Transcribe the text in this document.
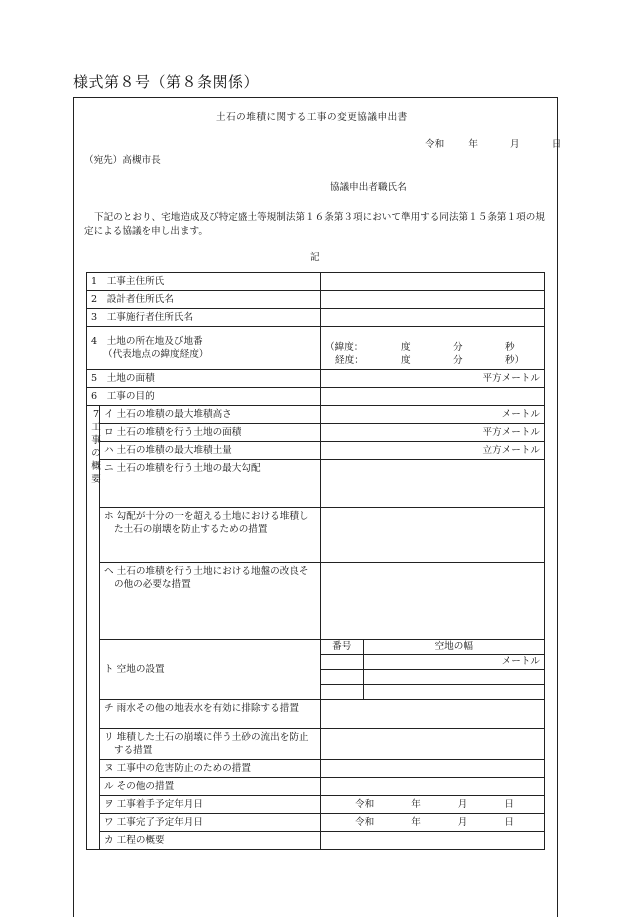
様式第８号（第８条関係）
土石の堆積に関する工事の変更協議申出書
令和	年	月	日
（宛先）高槻市長
協議申出者職氏名
下記のとおり、宅地造成及び特定盛土等規制法第１６条第３項において準用する同法第１５条第１項の規定による協議を申し出ます。
記
1　工事主住所氏	
2　設計者住所氏名	
3　工事施行者住所氏名	

4　土地の所在地及び地番
（代表地点の緯度経度）

（緯度：	度	分	秒
経度：	度	分	秒）

5　土地の面積	平方メートル
6　工事の目的	

7
工
事
の
概
要
	イ 土石の堆積の最大堆積高さ	メートル
ロ 土石の堆積を行う土地の面積	平方メートル
ハ 土石の堆積の最大堆積土量	立方メートル
ニ 土石の堆積を行う土地の最大勾配	
ホ 勾配が十分の一を超える土地における堆積した土石の崩壊を防止するための措置	
ヘ 土石の堆積を行う土地における地盤の改良その他の必要な措置	
ト 空地の設置	
番号	空地の幅
	メートル

チ 雨水その他の地表水を有効に排除する措置	
リ 堆積した土石の崩壊に伴う土砂の流出を防止する措置	
ヌ 工事中の危害防止のための措置	
ル その他の措置	
ヲ 工事着手予定年月日	令和	年	月	日

ワ 工事完了予定年月日	令和	年	月	日

カ 工程の概要	
